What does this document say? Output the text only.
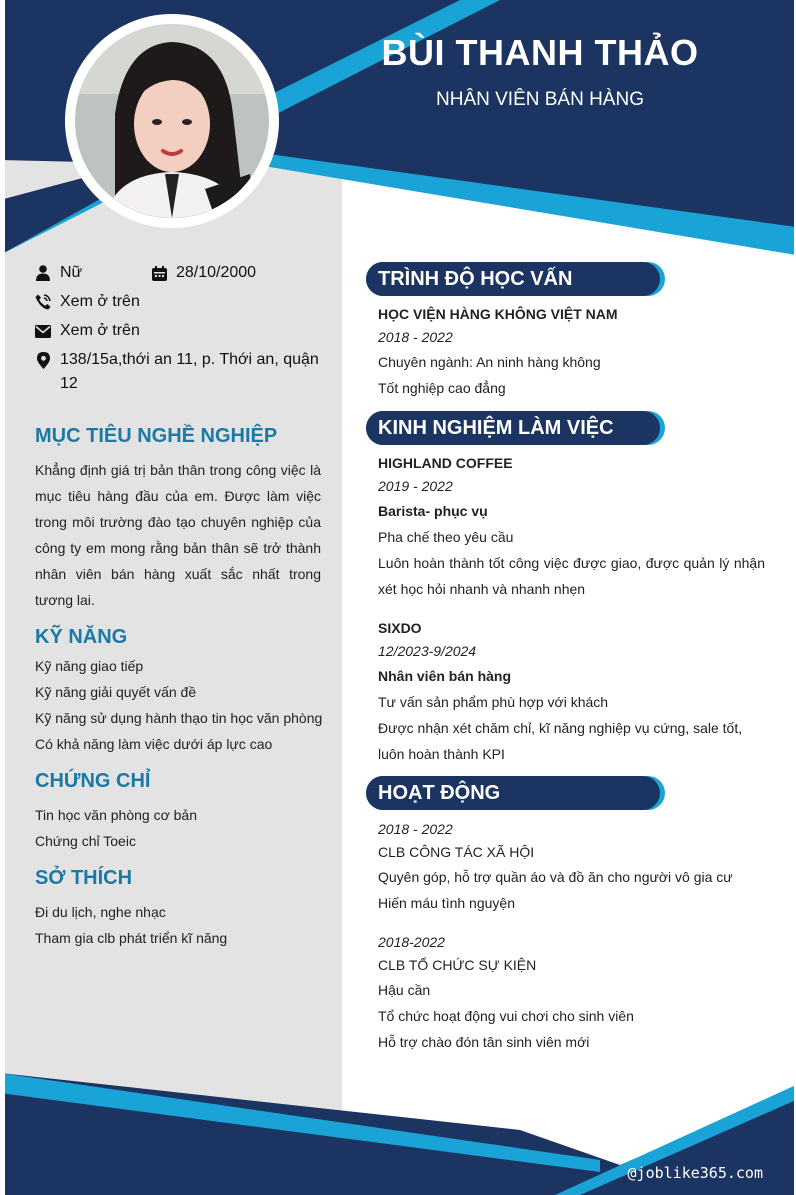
BÙI THANH THẢO
NHÂN VIÊN BÁN HÀNG
Nữ	28/10/2000
Xem ở trên
Xem ở trên
138/15a,thới an 11, p. Thới an, quận 12
MỤC TIÊU NGHỀ NGHIỆP
Khẳng định giá trị bản thân trong công việc là mục tiêu hàng đầu của em. Được làm việc trong môi trường đào tạo chuyên nghiệp của công ty em mong rằng bản thân sẽ trở thành nhân viên bán hàng xuất sắc nhất trong tương lai.
KỸ NĂNG
Kỹ năng giao tiếp
Kỹ năng giải quyết vấn đề
Kỹ năng sử dụng hành thạo tin học văn phòng
Có khả năng làm việc dưới áp lực cao
CHỨNG CHỈ
Tin học văn phòng cơ bản
Chứng chỉ Toeic
SỞ THÍCH
Đi du lịch, nghe nhạc
Tham gia clb phát triển kĩ năng
TRÌNH ĐỘ HỌC VẤN
HỌC VIỆN HÀNG KHÔNG VIỆT NAM
2018 - 2022
Chuyên ngành: An ninh hàng không
Tốt nghiệp cao đẳng
KINH NGHIỆM LÀM VIỆC
HIGHLAND COFFEE
2019 - 2022
Barista- phục vụ
Pha chế theo yêu cầu
Luôn hoàn thành tốt công việc được giao, được quản lý nhận xét học hỏi nhanh và nhanh nhẹn
SIXDO
12/2023-9/2024
Nhân viên bán hàng
Tư vấn sản phẩm phù hợp với khách
Được nhận xét chăm chỉ, kĩ năng nghiệp vụ cứng, sale tốt, luôn hoàn thành KPI
HOẠT ĐỘNG
2018 - 2022
CLB CÔNG TÁC XÃ HỘI
Quyên góp, hỗ trợ quần áo và đồ ăn cho người vô gia cư
Hiến máu tình nguyện
2018-2022
CLB TỔ CHỨC SỰ KIỆN
Hậu cần
Tổ chức hoạt động vui chơi cho sinh viên
Hỗ trợ chào đón tân sinh viên mới
@joblike365.com
